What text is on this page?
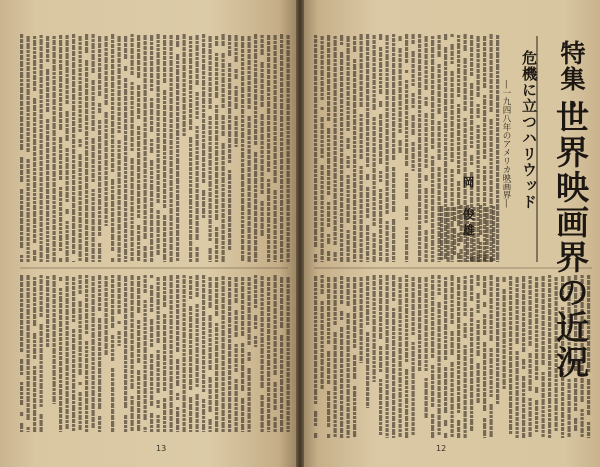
特集・
世界映画界の近況
危機に立つハリウッド
―一九四八年のアメリカ映画界―
岡　俊雄
13	12
